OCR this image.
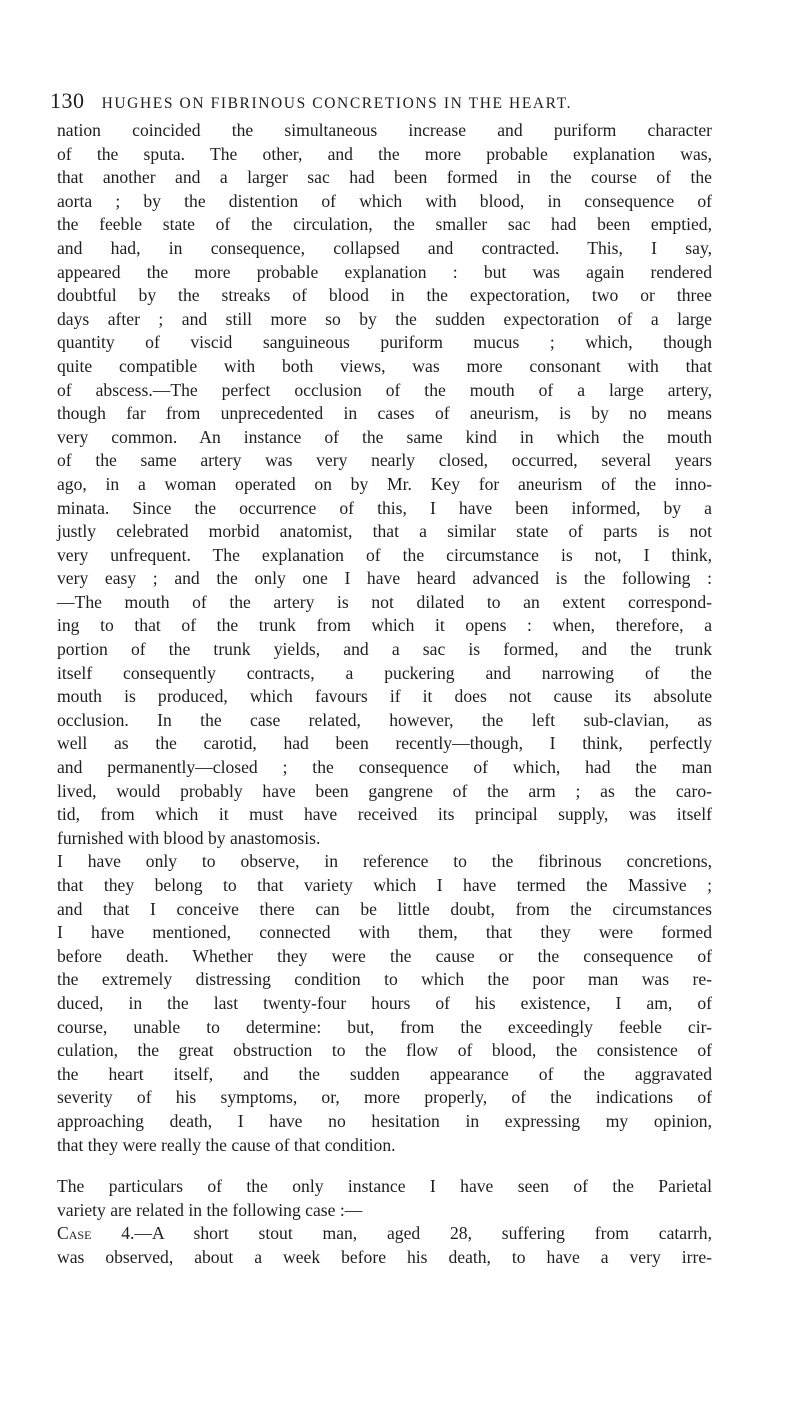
130 HUGHES ON FIBRINOUS CONCRETIONS IN THE HEART.
nation coincided the simultaneous increase and puriform character
of the sputa. The other, and the more probable explanation was,
that another and a larger sac had been formed in the course of the
aorta ; by the distention of which with blood, in consequence of
the feeble state of the circulation, the smaller sac had been emptied,
and had, in consequence, collapsed and contracted. This, I say,
appeared the more probable explanation : but was again rendered
doubtful by the streaks of blood in the expectoration, two or three
days after ; and still more so by the sudden expectoration of a large
quantity of viscid sanguineous puriform mucus ; which, though
quite compatible with both views, was more consonant with that
of abscess.—The perfect occlusion of the mouth of a large artery,
though far from unprecedented in cases of aneurism, is by no means
very common. An instance of the same kind in which the mouth
of the same artery was very nearly closed, occurred, several years
ago, in a woman operated on by Mr. Key for aneurism of the inno-
minata. Since the occurrence of this, I have been informed, by a
justly celebrated morbid anatomist, that a similar state of parts is not
very unfrequent. The explanation of the circumstance is not, I think,
very easy ; and the only one I have heard advanced is the following :
—The mouth of the artery is not dilated to an extent correspond-
ing to that of the trunk from which it opens : when, therefore, a
portion of the trunk yields, and a sac is formed, and the trunk
itself consequently contracts, a puckering and narrowing of the
mouth is produced, which favours if it does not cause its absolute
occlusion. In the case related, however, the left sub-clavian, as
well as the carotid, had been recently—though, I think, perfectly
and permanently—closed ; the consequence of which, had the man
lived, would probably have been gangrene of the arm ; as the caro-
tid, from which it must have received its principal supply, was itself
furnished with blood by anastomosis.
I have only to observe, in reference to the fibrinous concretions,
that they belong to that variety which I have termed the Massive ;
and that I conceive there can be little doubt, from the circumstances
I have mentioned, connected with them, that they were formed
before death. Whether they were the cause or the consequence of
the extremely distressing condition to which the poor man was re-
duced, in the last twenty-four hours of his existence, I am, of
course, unable to determine: but, from the exceedingly feeble cir-
culation, the great obstruction to the flow of blood, the consistence of
the heart itself, and the sudden appearance of the aggravated
severity of his symptoms, or, more properly, of the indications of
approaching death, I have no hesitation in expressing my opinion,
that they were really the cause of that condition.
The particulars of the only instance I have seen of the Parietal
variety are related in the following case :—
Case 4.—A short stout man, aged 28, suffering from catarrh,
was observed, about a week before his death, to have a very irre-
